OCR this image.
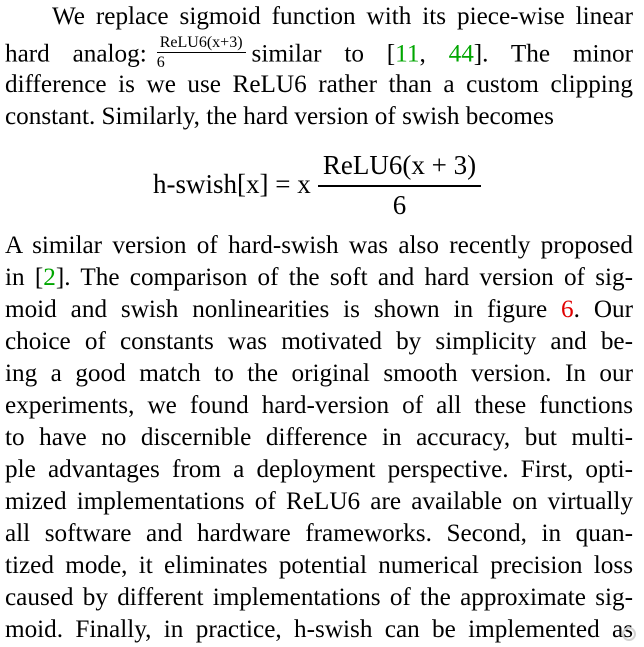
We replace sigmoid function with its piece-wise linear
hard analog: $\frac{\text{ReLU6(x+3)}}{6}$ similar to [11, 44]. The minor
difference is we use ReLU6 rather than a custom clipping
constant. Similarly, the hard version of swish becomes
h-swish[x] = x
ReLU6(x + 3)
6
A similar version of hard-swish was also recently proposed
in [2]. The comparison of the soft and hard version of sig-
moid and swish nonlinearities is shown in figure 6. Our
choice of constants was motivated by simplicity and be-
ing a good match to the original smooth version. In our
experiments, we found hard-version of all these functions
to have no discernible difference in accuracy, but multi-
ple advantages from a deployment perspective. First, opti-
mized implementations of ReLU6 are available on virtually
all software and hardware frameworks. Second, in quan-
tized mode, it eliminates potential numerical precision loss
caused by different implementations of the approximate sig-
moid. Finally, in practice, h-swish can be implemented as
